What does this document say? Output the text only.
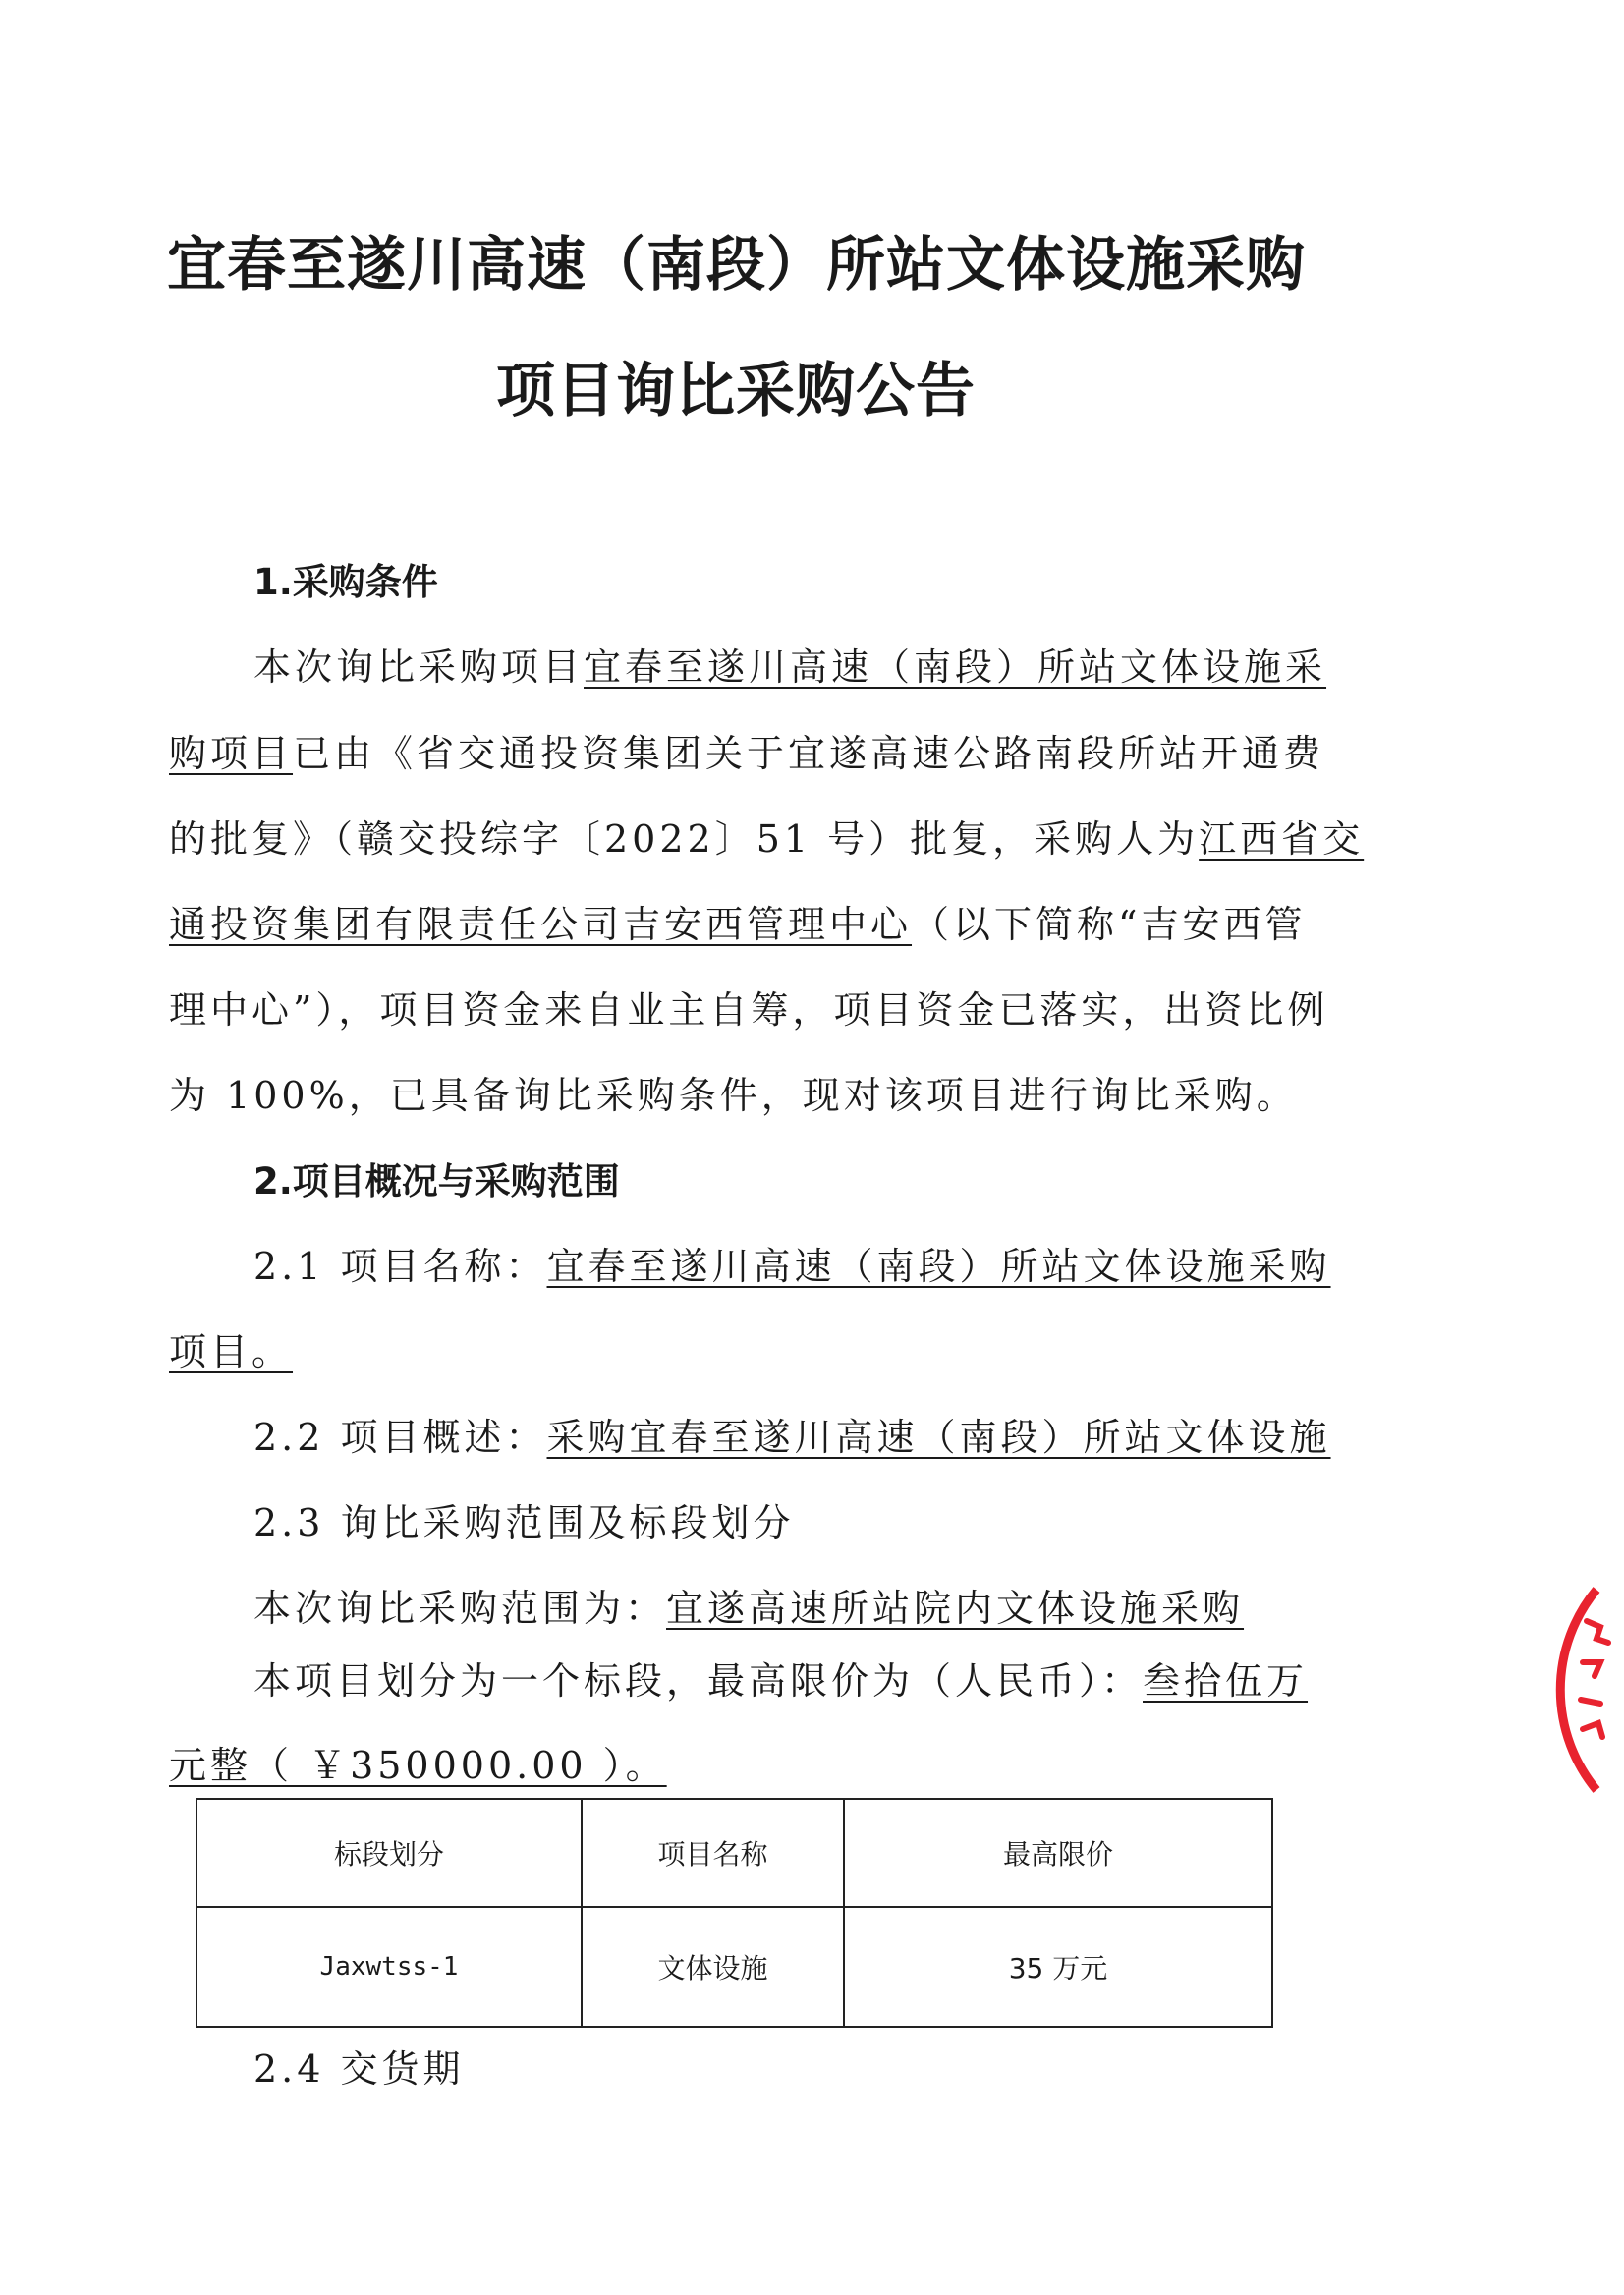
宜春至遂川高速（南段）所站文体设施采购
项目询比采购公告
1.采购条件

本次询比采购项目宜春至遂川高速（南段）所站文体设施采

购项目已由《省交通投资集团关于宜遂高速公路南段所站开通费

的批复》（赣交投综字〔2022〕51 号）批复，采购人为江西省交

通投资集团有限责任公司吉安西管理中心（以下简称“吉安西管

理中心”），项目资金来自业主自筹，项目资金已落实，出资比例

为 100%，已具备询比采购条件，现对该项目进行询比采购。

2.项目概况与采购范围

2.1 项目名称：宜春至遂川高速（南段）所站文体设施采购

项目。

2.2 项目概述：采购宜春至遂川高速（南段）所站文体设施

2.3 询比采购范围及标段划分

本次询比采购范围为：宜遂高速所站院内文体设施采购

本项目划分为一个标段，最高限价为（人民币）：叁拾伍万

元整（ ￥350000.00 ）。

标段划分	项目名称	最高限价
Jaxwtss-1	文体设施	35 万元

2.4 交货期
